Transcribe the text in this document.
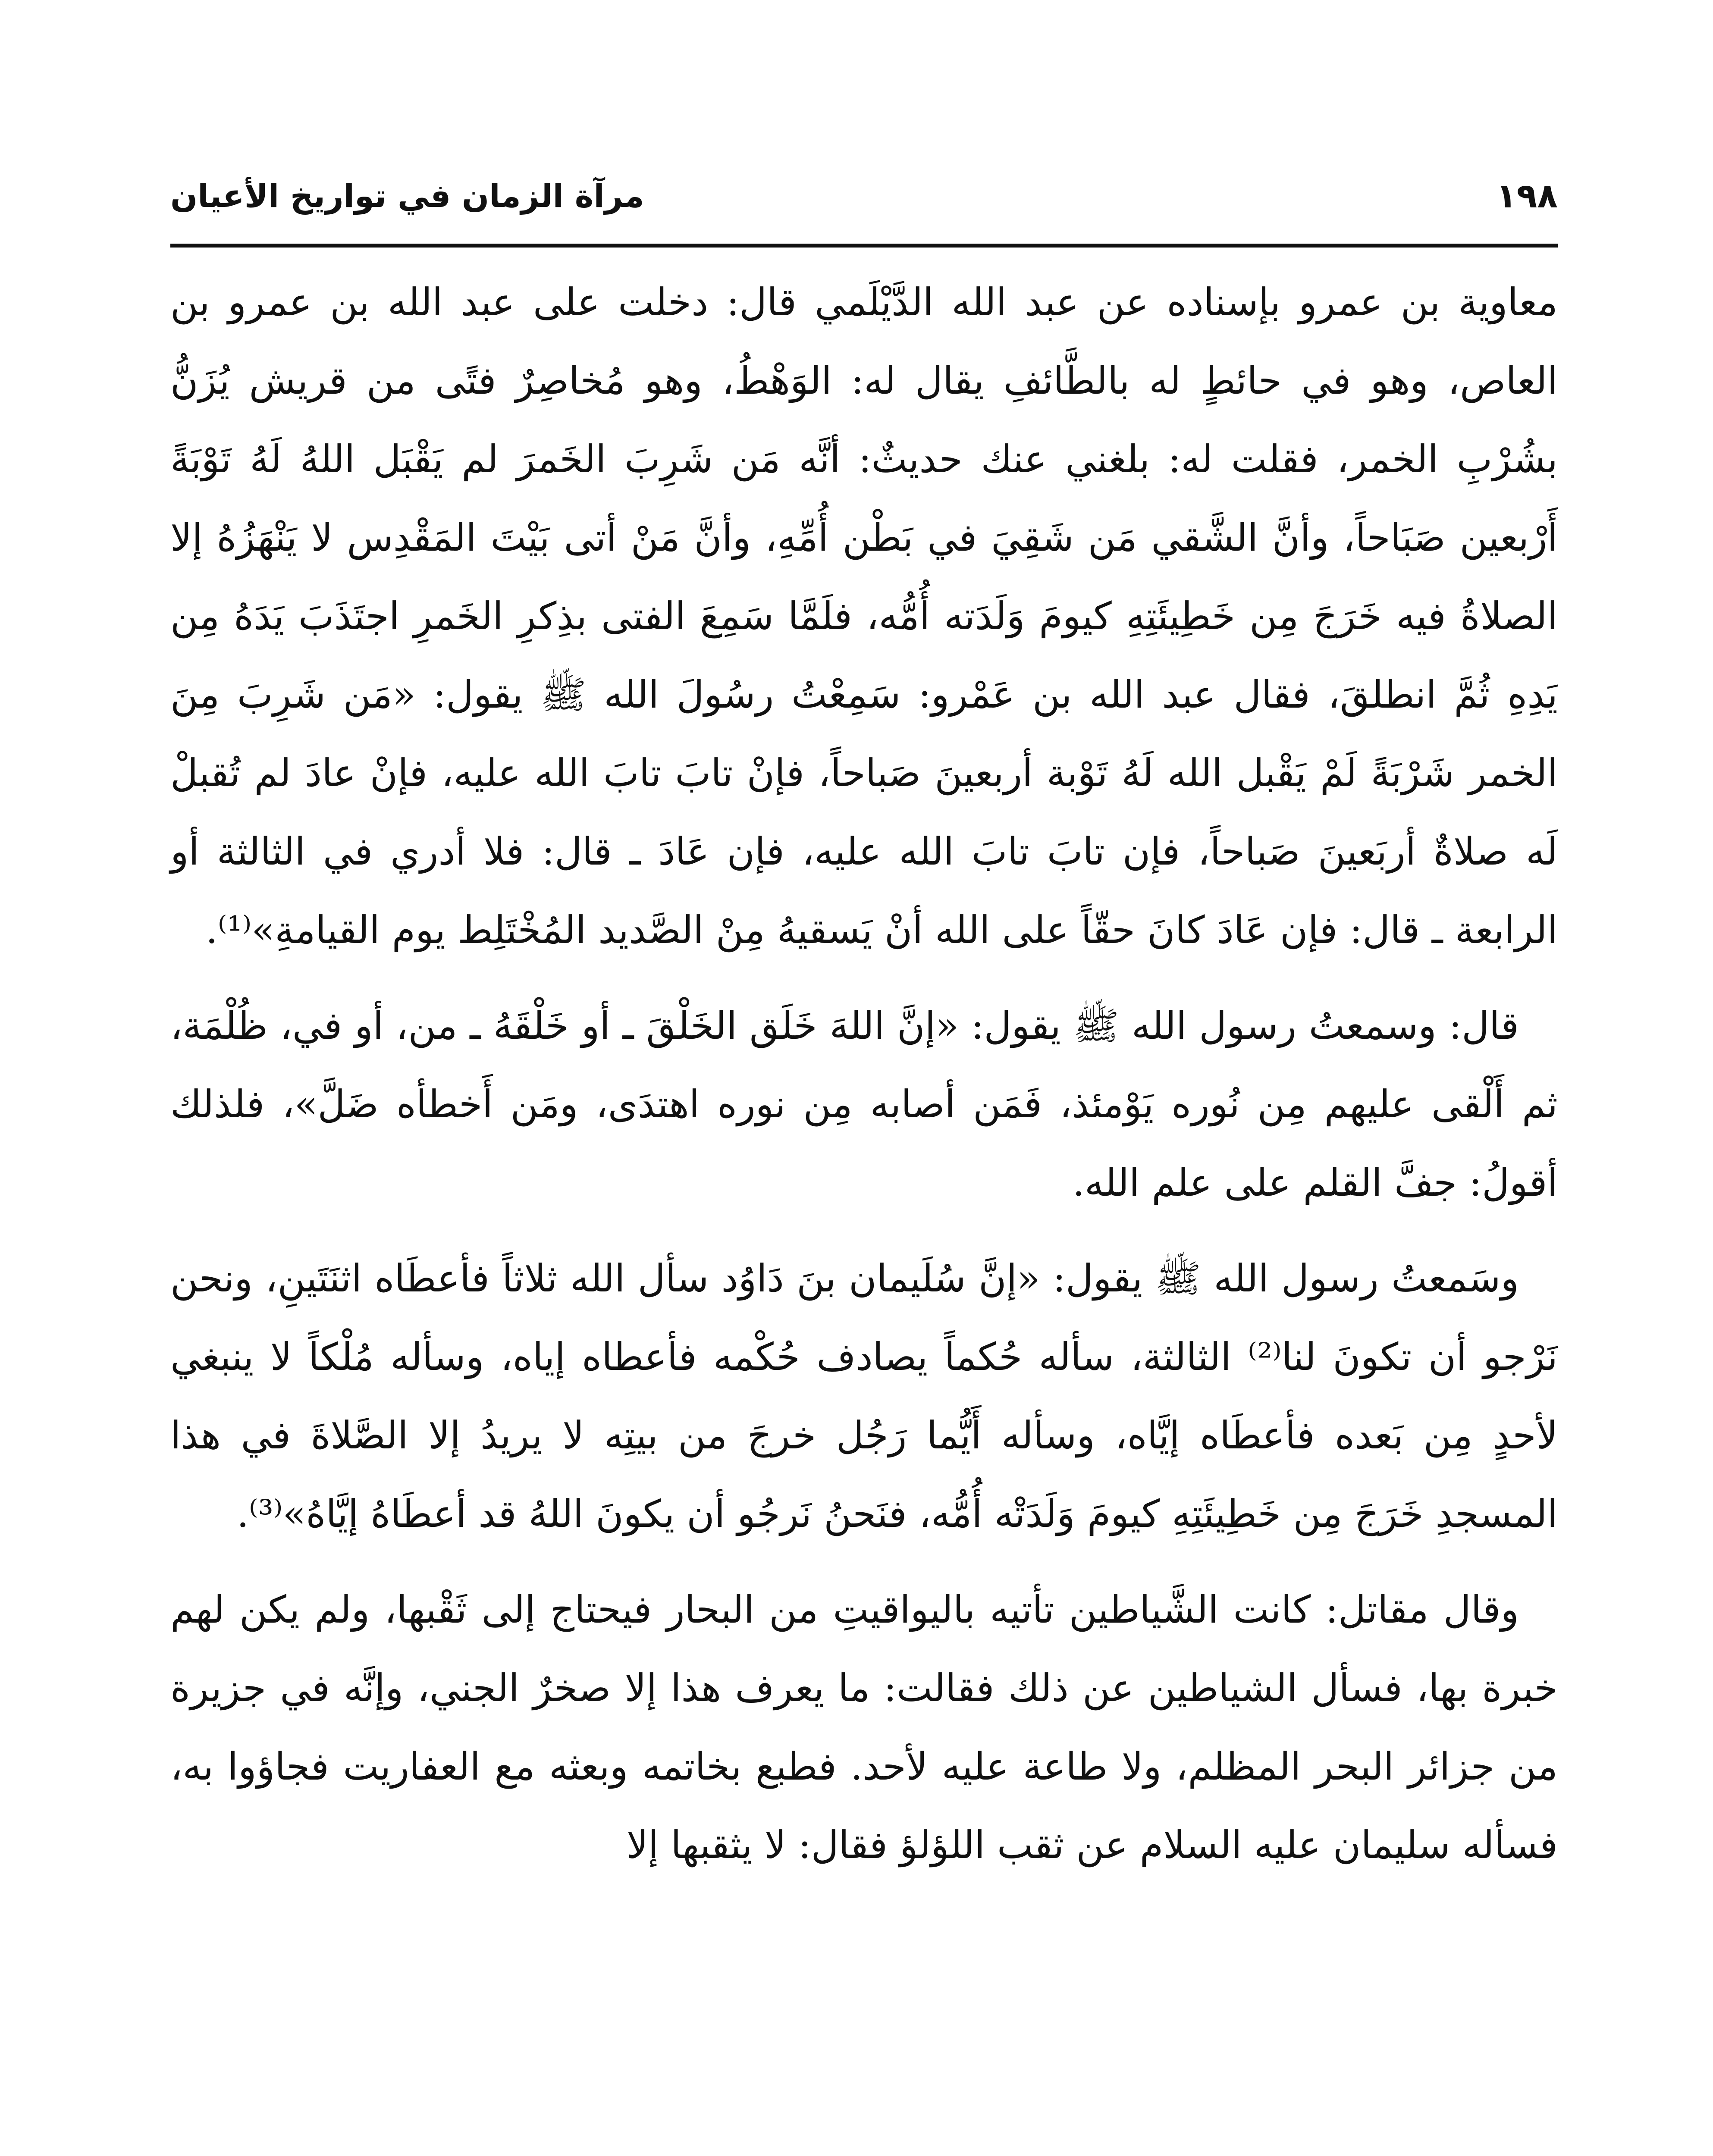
١٩٨
مرآة الزمان في تواريخ الأعيان

معاوية بن عمرو بإسناده عن عبد الله الدَّيْلَمي قال: دخلت على عبد الله بن عمرو بن العاص، وهو في حائطٍ له بالطَّائفِ يقال له: الوَهْطُ، وهو مُخاصِرٌ فتًى من قريش يُزَنُّ بشُرْبِ الخمر، فقلت له: بلغني عنك حديثٌ: أنَّه مَن شَرِبَ الخَمرَ لم يَقْبَل اللهُ لَهُ تَوْبَةً أَرْبعين صَبَاحاً، وأنَّ الشَّقي مَن شَقِيَ في بَطْن أُمِّهِ، وأنَّ مَنْ أتى بَيْتَ المَقْدِس لا يَنْهَزُهُ إلا الصلاةُ فيه خَرَجَ مِن خَطِيئَتِهِ كيومَ وَلَدَته أُمُّه، فلَمَّا سَمِعَ الفتى بذِكرِ الخَمرِ اجتَذَبَ يَدَهُ مِن يَدِهِ ثُمَّ انطلقَ، فقال عبد الله بن عَمْرو: سَمِعْتُ رسُولَ الله ﷺ يقول: «مَن شَرِبَ مِنَ الخمر شَرْبَةً لَمْ يَقْبل الله لَهُ تَوْبة أربعينَ صَباحاً، فإنْ تابَ تابَ الله عليه، فإنْ عادَ لم تُقبلْ لَه صلاةٌ أربَعينَ صَباحاً، فإن تابَ تابَ الله عليه، فإن عَادَ ـ قال: فلا أدري في الثالثة أو الرابعة ـ قال: فإن عَادَ كانَ حقّاً على الله أنْ يَسقيهُ مِنْ الصَّديد المُخْتَلِط يوم القيامةِ»⁽¹⁾.

قال: وسمعتُ رسول الله ﷺ يقول: «إنَّ اللهَ خَلَق الخَلْقَ ـ أو خَلْقَهُ ـ من، أو في، ظُلْمَة، ثم أَلْقى عليهم مِن نُوره يَوْمئذ، فَمَن أصابه مِن نوره اهتدَى، ومَن أَخطأه ضَلَّ»، فلذلك أقولُ: جفَّ القلم على علم الله.

وسَمعتُ رسول الله ﷺ يقول: «إنَّ سُلَيمان بنَ دَاوُد سأل الله ثلاثاً فأعطَاه اثنَتَينِ، ونحن نَرْجو أن تكونَ لنا⁽²⁾ الثالثة، سأله حُكماً يصادف حُكْمه فأعطاه إياه، وسأله مُلْكاً لا ينبغي لأحدٍ مِن بَعده فأعطَاه إيَّاه، وسأله أَيُّما رَجُل خرجَ من بيتِه لا يريدُ إلا الصَّلاةَ في هذا المسجدِ خَرَجَ مِن خَطِيئَتِهِ كيومَ وَلَدَتْه أُمُّه، فنَحنُ نَرجُو أن يكونَ اللهُ قد أعطَاهُ إيَّاهُ»⁽³⁾.

وقال مقاتل: كانت الشَّياطين تأتيه باليواقيتِ من البحار فيحتاج إلى ثَقْبها، ولم يكن لهم خبرة بها، فسأل الشياطين عن ذلك فقالت: ما يعرف هذا إلا صخرٌ الجني، وإنَّه في جزيرة من جزائر البحر المظلم، ولا طاعة عليه لأحد. فطبع بخاتمه وبعثه مع العفاريت فجاؤوا به، فسأله سليمان عليه السلام عن ثقب اللؤلؤ فقال: لا يثقبها إلا
